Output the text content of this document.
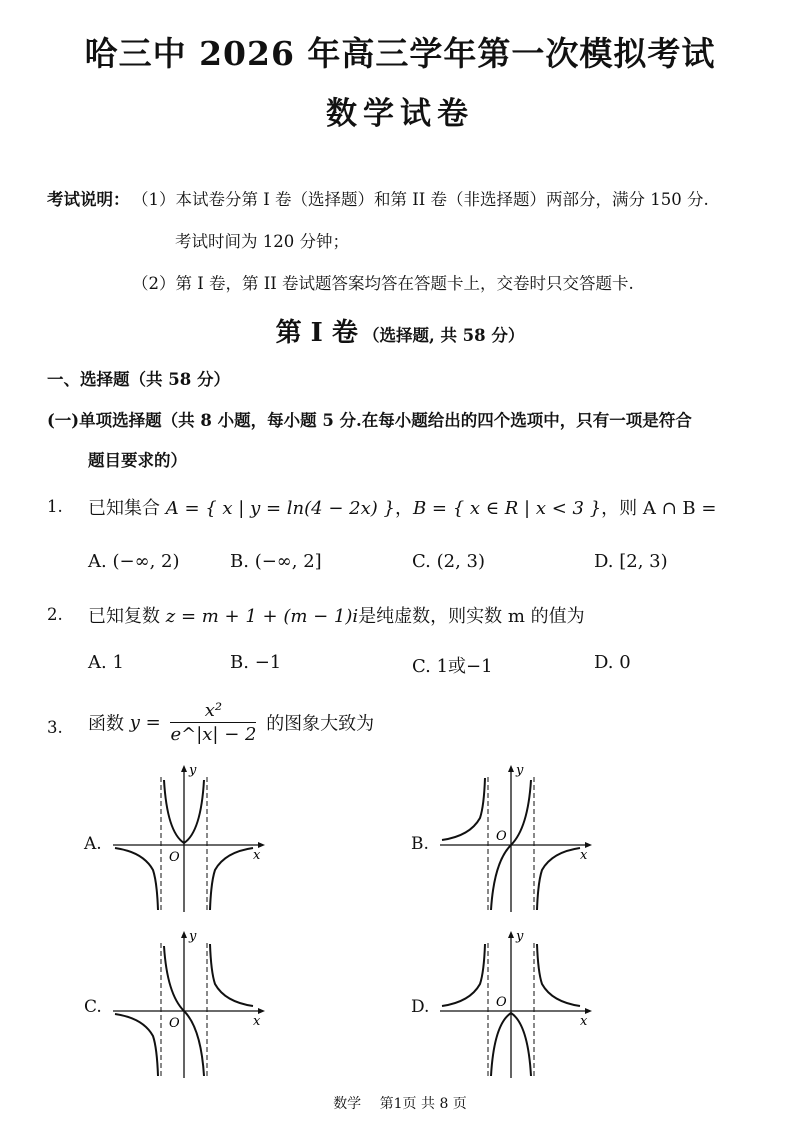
哈三中 2026 年高三学年第一次模拟考试
数学试卷
考试说明： （1）本试卷分第 I 卷（选择题）和第 II 卷（非选择题）两部分，满分 150 分.
考试时间为 120 分钟；
（2）第 I 卷，第 II 卷试题答案均答在答题卡上，交卷时只交答题卡.
第 I 卷 （选择题, 共 58 分）
一、选择题（共 58 分）
(一)单项选择题（共 8 小题，每小题 5 分.在每小题给出的四个选项中，只有一项是符合
题目要求的）
1. 已知集合 A = { x | y = ln(4 − 2x) }，B = { x ∈ R | x < 3 }，则 A ∩ B =
A. (−∞, 2)	B. (−∞, 2]	C. (2, 3)	D. [2, 3)
2. 已知复数 z = m + 1 + (m − 1)i是纯虚数，则实数 m 的值为
A. 1	B. −1	C. 1或−1	D. 0
3. 函数 $y = \frac{\text{x²}}{e\^{}|x| - 2}$ 的图象大致为
A.	B.
C.	D.
y
x
O
y
x
O
y
x
O
y
x
O
数学　 第1页 共 8 页
